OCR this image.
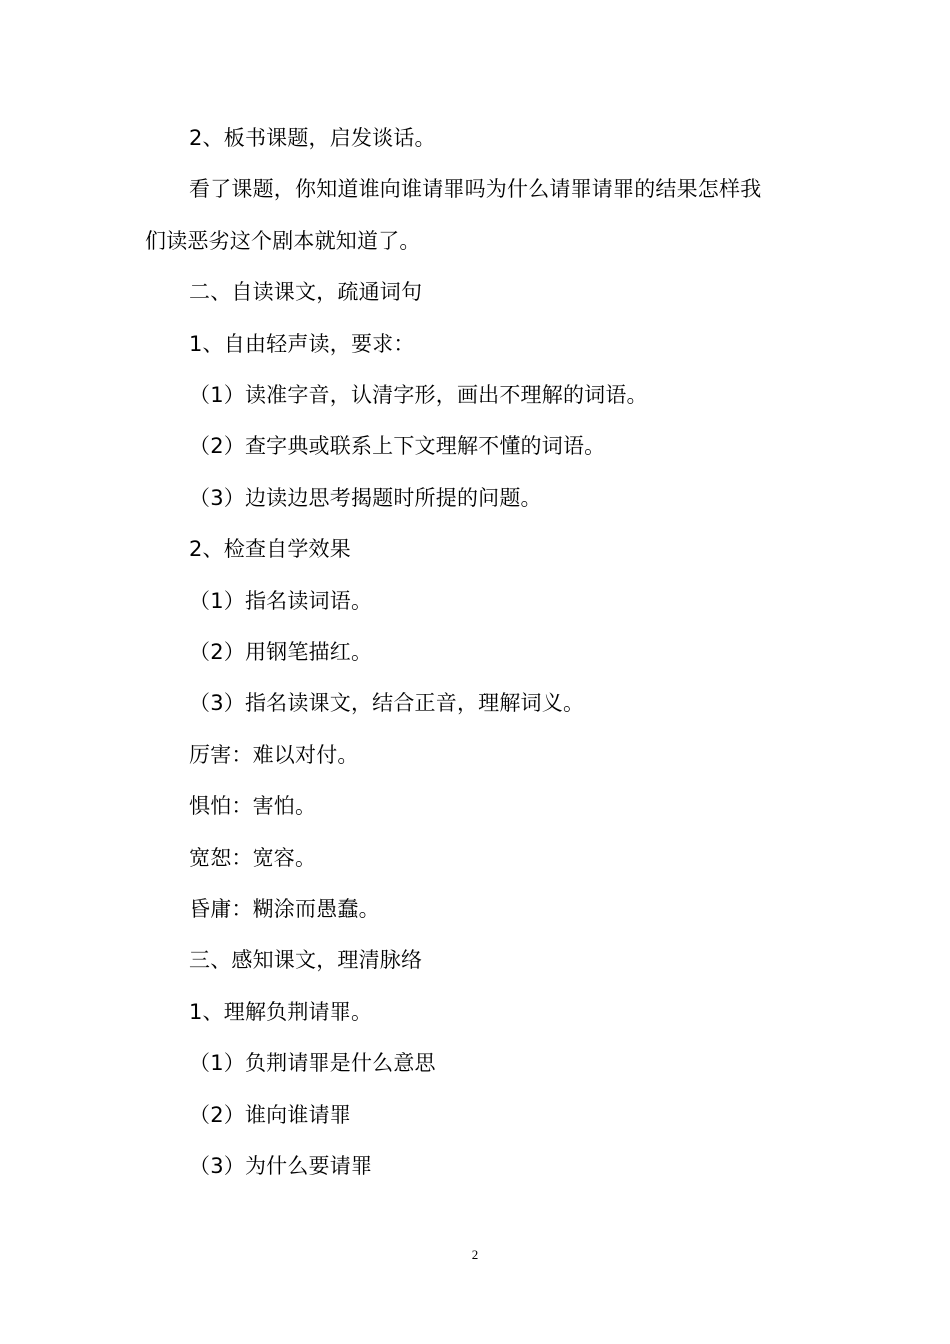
2、板书课题，启发谈话。
看了课题，你知道谁向谁请罪吗为什么请罪请罪的结果怎样我
们读恶劣这个剧本就知道了。
二、自读课文，疏通词句
1、自由轻声读，要求：
（1）读准字音，认清字形，画出不理解的词语。
（2）查字典或联系上下文理解不懂的词语。
（3）边读边思考揭题时所提的问题。
2、检查自学效果
（1）指名读词语。
（2）用钢笔描红。
（3）指名读课文，结合正音，理解词义。
厉害：难以对付。
惧怕：害怕。
宽恕：宽容。
昏庸：糊涂而愚蠢。
三、感知课文，理清脉络
1、理解负荆请罪。
（1）负荆请罪是什么意思
（2）谁向谁请罪
（3）为什么要请罪
2
